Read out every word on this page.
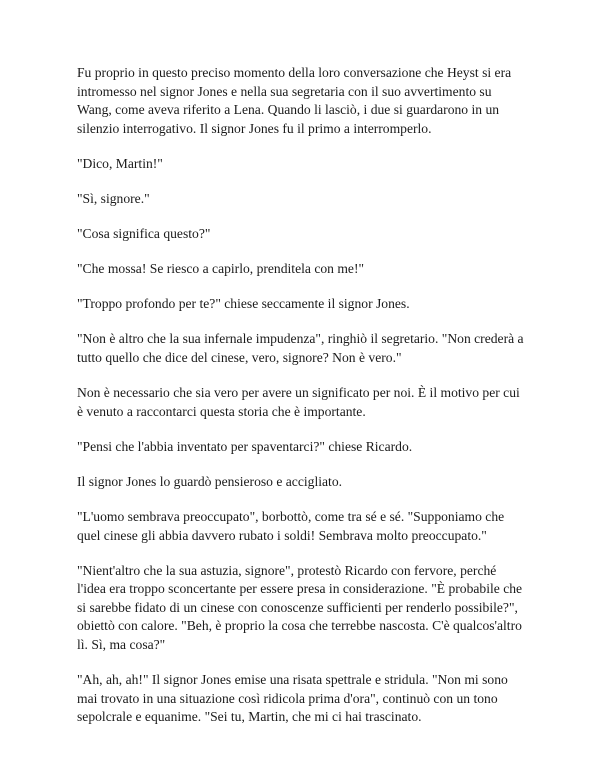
Fu proprio in questo preciso momento della loro conversazione che Heyst si era intromesso nel signor Jones e nella sua segretaria con il suo avvertimento su Wang, come aveva riferito a Lena. Quando li lasciò, i due si guardarono in un silenzio interrogativo. Il signor Jones fu il primo a interromperlo.

"Dico, Martin!"

"Sì, signore."

"Cosa significa questo?"

"Che mossa! Se riesco a capirlo, prenditela con me!"

"Troppo profondo per te?" chiese seccamente il signor Jones.

"Non è altro che la sua infernale impudenza", ringhiò il segretario. "Non crederà a tutto quello che dice del cinese, vero, signore? Non è vero."

Non è necessario che sia vero per avere un significato per noi. È il motivo per cui è venuto a raccontarci questa storia che è importante.

"Pensi che l'abbia inventato per spaventarci?" chiese Ricardo.

Il signor Jones lo guardò pensieroso e accigliato.

"L'uomo sembrava preoccupato", borbottò, come tra sé e sé. "Supponiamo che quel cinese gli abbia davvero rubato i soldi! Sembrava molto preoccupato."

"Nient'altro che la sua astuzia, signore", protestò Ricardo con fervore, perché l'idea era troppo sconcertante per essere presa in considerazione. "È probabile che si sarebbe fidato di un cinese con conoscenze sufficienti per renderlo possibile?", obiettò con calore. "Beh, è proprio la cosa che terrebbe nascosta. C'è qualcos'altro lì. Sì, ma cosa?"

"Ah, ah, ah!" Il signor Jones emise una risata spettrale e stridula. "Non mi sono mai trovato in una situazione così ridicola prima d'ora", continuò con un tono sepolcrale e equanime. "Sei tu, Martin, che mi ci hai trascinato.
